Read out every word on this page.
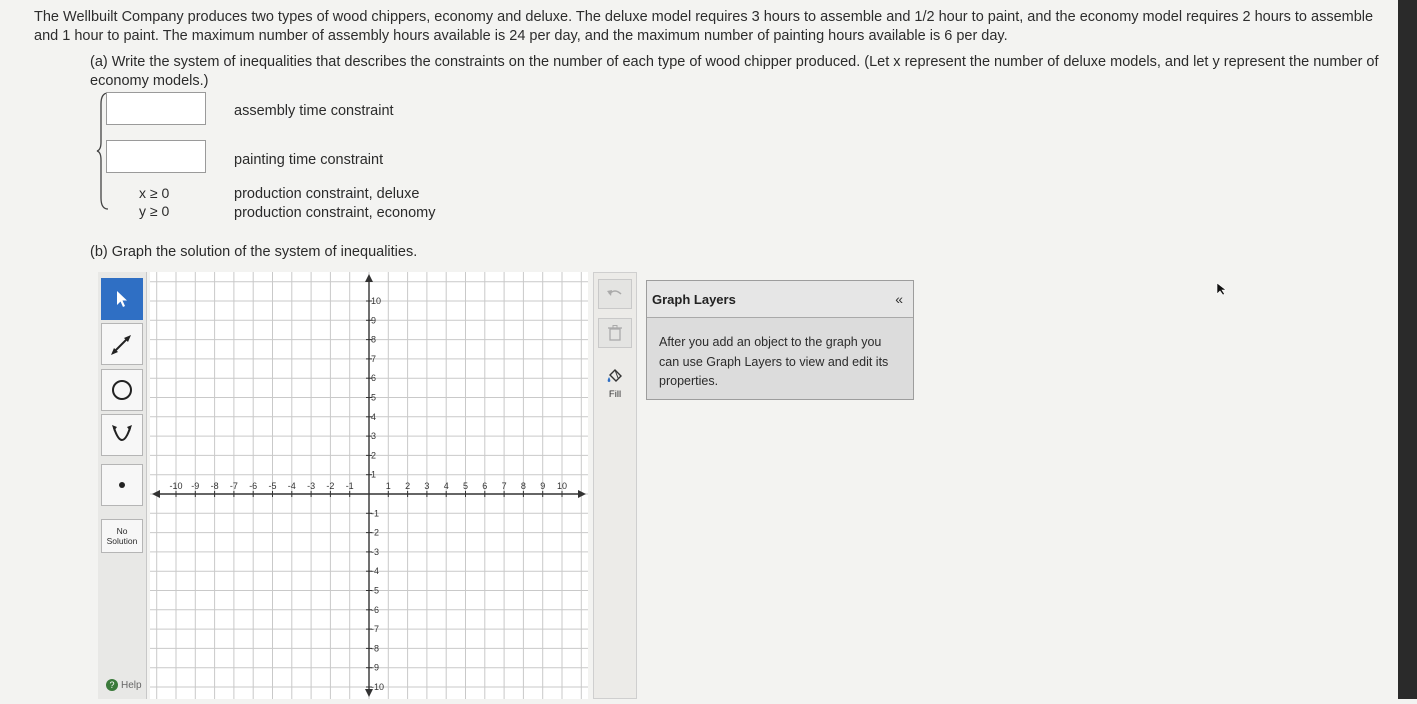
The Wellbuilt Company produces two types of wood chippers, economy and deluxe. The deluxe model requires 3 hours to assemble and 1/2 hour to paint, and the economy model requires 2 hours to assemble and 1 hour to paint. The maximum number of assembly hours available is 24 per day, and the maximum number of painting hours available is 6 per day.
(a) Write the system of inequalities that describes the constraints on the number of each type of wood chipper produced. (Let x represent the number of deluxe models, and let y represent the number of economy models.)
assembly time constraint
painting time constraint
x ≥ 0	production constraint, deluxe
y ≥ 0	production constraint, economy
(b) Graph the solution of the system of inequalities.
No Solution
? Help
-10 -9 -8 -7 -6 -5 -4 -3 -2 -1	1 2 3 4 5 6 7 8 9 10
10
9
8
7
6
5
4
3
2
1
-1
-2
-3
-4
-5
-6
-7
-8
-9
-10
Fill
Graph Layers	«
After you add an object to the graph you can use Graph Layers to view and edit its properties.
